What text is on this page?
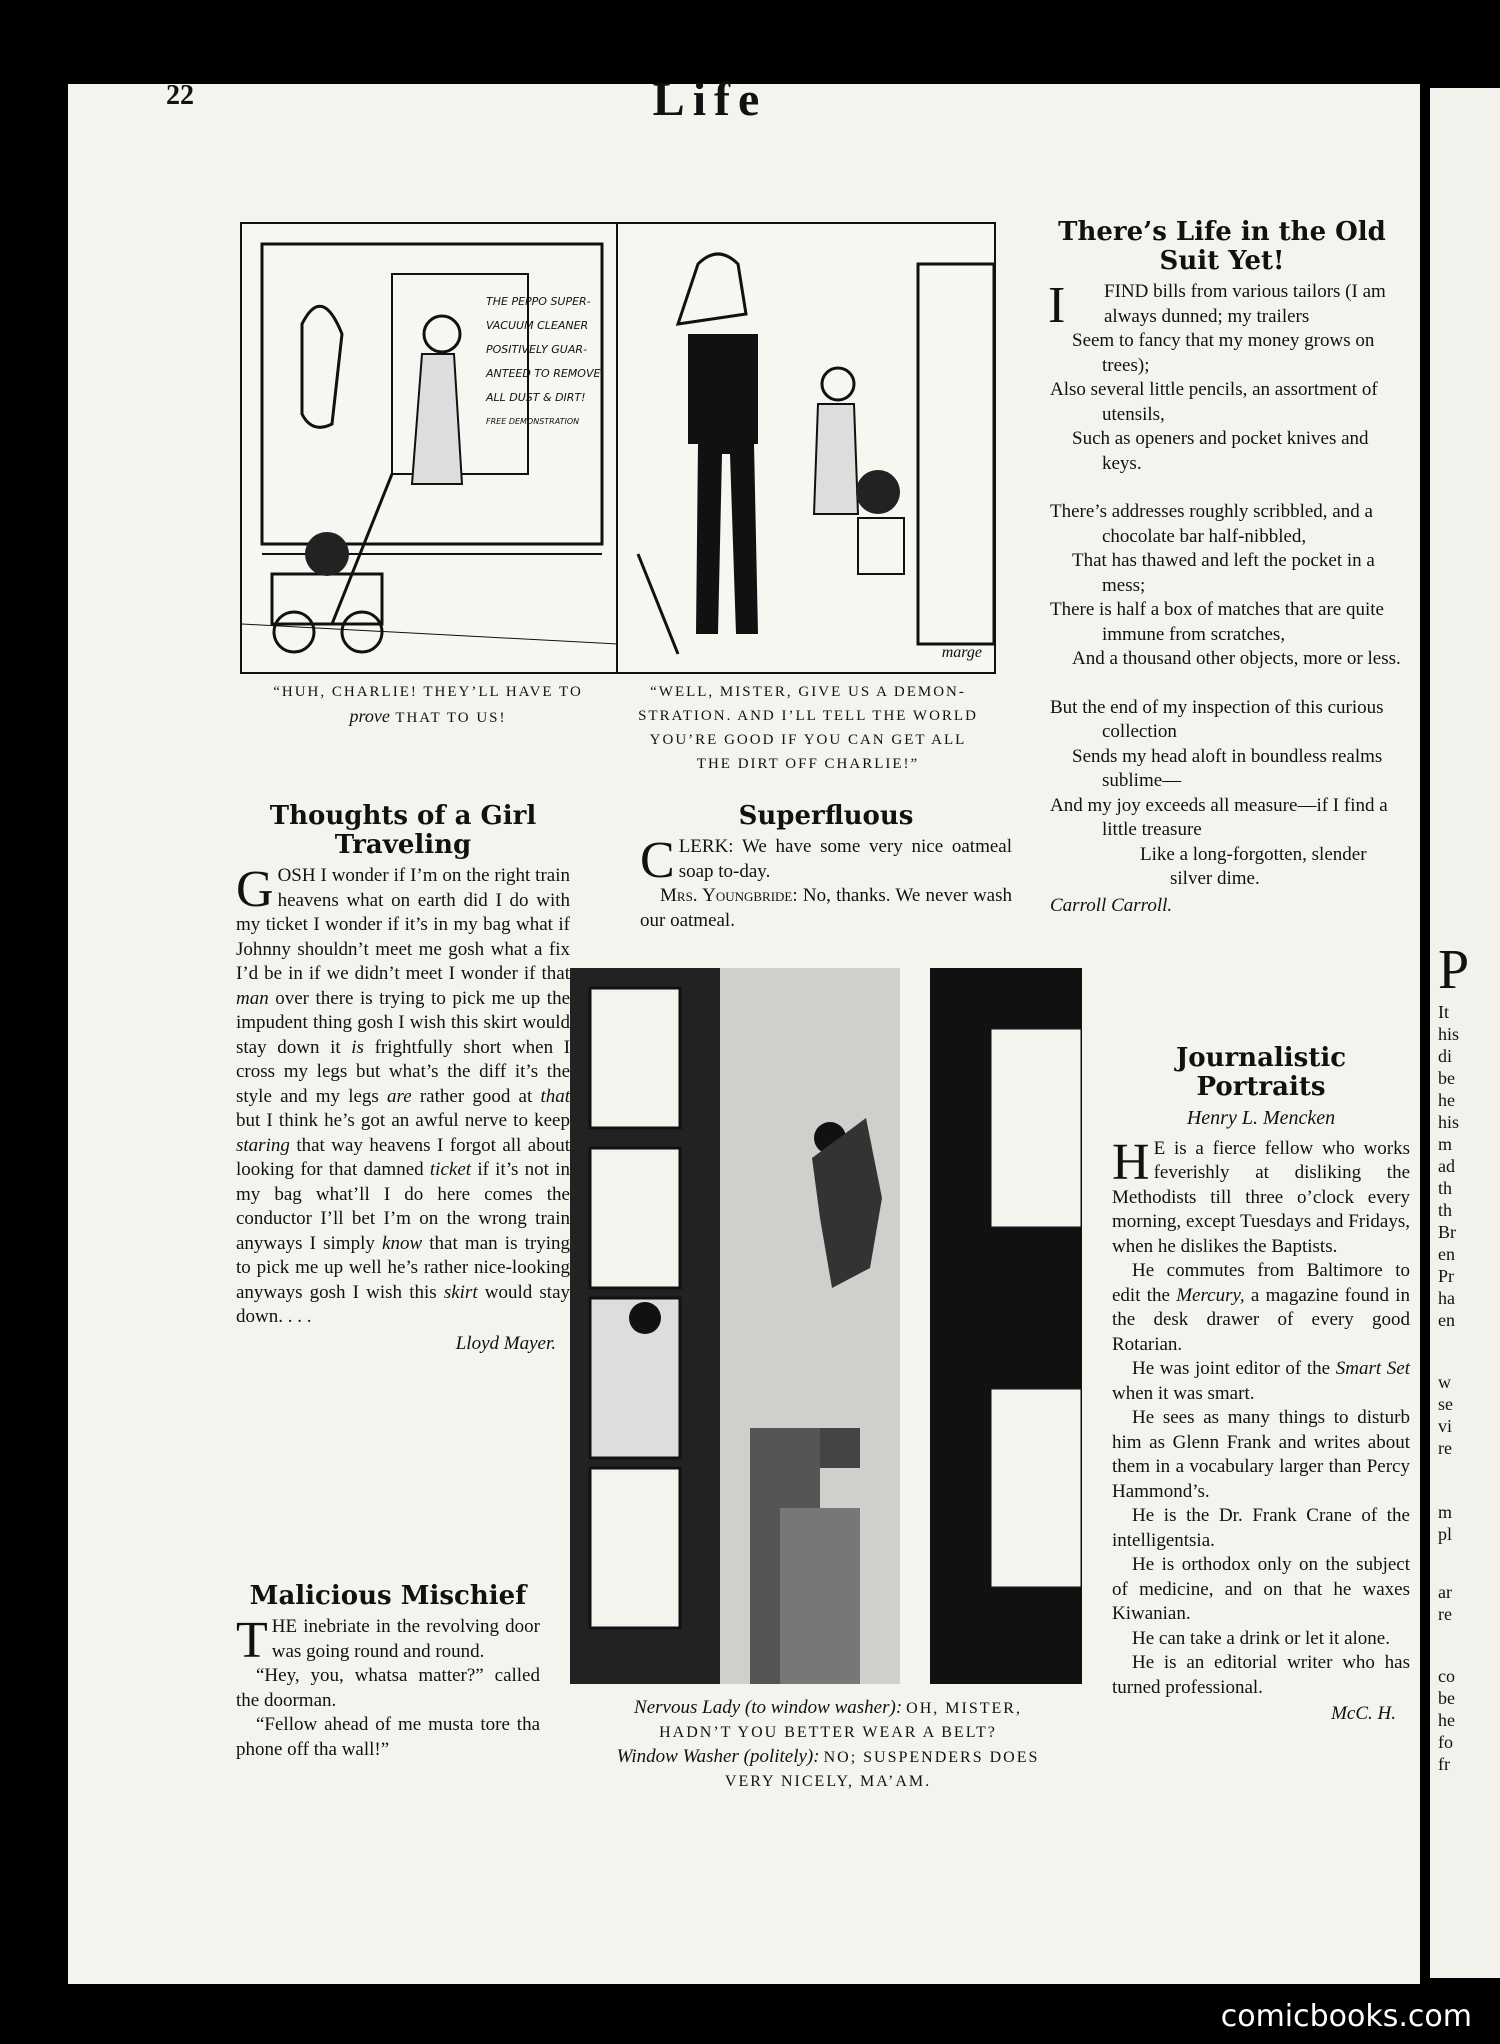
P
It
his
di
be
he
his
m
ad
th
th
Br
en
Pr
ha
en
w
se
vi
re
m
pl
ar
re
co
be
he
fo
fr
22	Life
THE PEPPO SUPER-
VACUUM CLEANER
POSITIVELY GUAR-
ANTEED TO REMOVE
ALL DUST & DIRT!
FREE DEMONSTRATION
marge
“HUH, CHARLIE! THEY’LL HAVE TO
prove THAT TO US!
“WELL, MISTER, GIVE US A DEMON-
STRATION. AND I’LL TELL THE WORLD
YOU’RE GOOD IF YOU CAN GET ALL
THE DIRT OFF CHARLIE!”
Thoughts of a Girl
Traveling

GOSH I wonder if I’m on the right train heavens what on earth did I do with my ticket I wonder if it’s in my bag what if Johnny shouldn’t meet me gosh what a fix I’d be in if we didn’t meet I wonder if that man over there is trying to pick me up the impudent thing gosh I wish this skirt would stay down it is frightfully short when I cross my legs but what’s the diff it’s the style and my legs are rather good at that but I think he’s got an awful nerve to keep staring that way heavens I forgot all about looking for that damned ticket if it’s not in my bag what’ll I do here comes the conductor I’ll bet I’m on the wrong train anyways I simply know that man is trying to pick me up well he’s rather nice-looking anyways gosh I wish this skirt would stay down. . . .

Lloyd Mayer.

Malicious Mischief

THE inebriate in the revolving door was going round and round.

“Hey, you, whatsa matter?” called the doorman.

“Fellow ahead of me musta tore tha phone off tha wall!”

Superfluous

CLERK: We have some very nice oatmeal soap to-day.

Mrs. Youngbride: No, thanks. We never wash our oatmeal.

art
helfant
Nervous Lady (to window washer): OH, MISTER,
HADN’T YOU BETTER WEAR A BELT?
Window Washer (politely): NO; SUSPENDERS DOES
VERY NICELY, MA’AM.
There’s Life in the Old
Suit Yet!

I FIND bills from various tailors (I am always dunned; my trailers

Seem to fancy that my money grows on trees);

Also several little pencils, an assortment of utensils,

Such as openers and pocket knives and keys.

There’s addresses roughly scribbled, and a chocolate bar half-nibbled,

That has thawed and left the pocket in a mess;

There is half a box of matches that are quite immune from scratches,

And a thousand other objects, more or less.

But the end of my inspection of this curious collection

Sends my head aloft in boundless realms sublime—

And my joy exceeds all measure—if I find a little treasure

Like a long-forgotten, slender silver dime.

Carroll Carroll.

Journalistic Portraits

Henry L. Mencken

H E is a fierce fellow who works feverishly at disliking the Methodists till three o’clock every morning, except Tuesdays and Fridays, when he dislikes the Baptists.

He commutes from Baltimore to edit the Mercury, a magazine found in the desk drawer of every good Rotarian.

He was joint editor of the Smart Set when it was smart.

He sees as many things to disturb him as Glenn Frank and writes about them in a vocabulary larger than Percy Hammond’s.

He is the Dr. Frank Crane of the intelligentsia.

He is orthodox only on the subject of medicine, and on that he waxes Kiwanian.

He can take a drink or let it alone.

He is an editorial writer who has turned professional.

McC. H.

comicbooks.com
